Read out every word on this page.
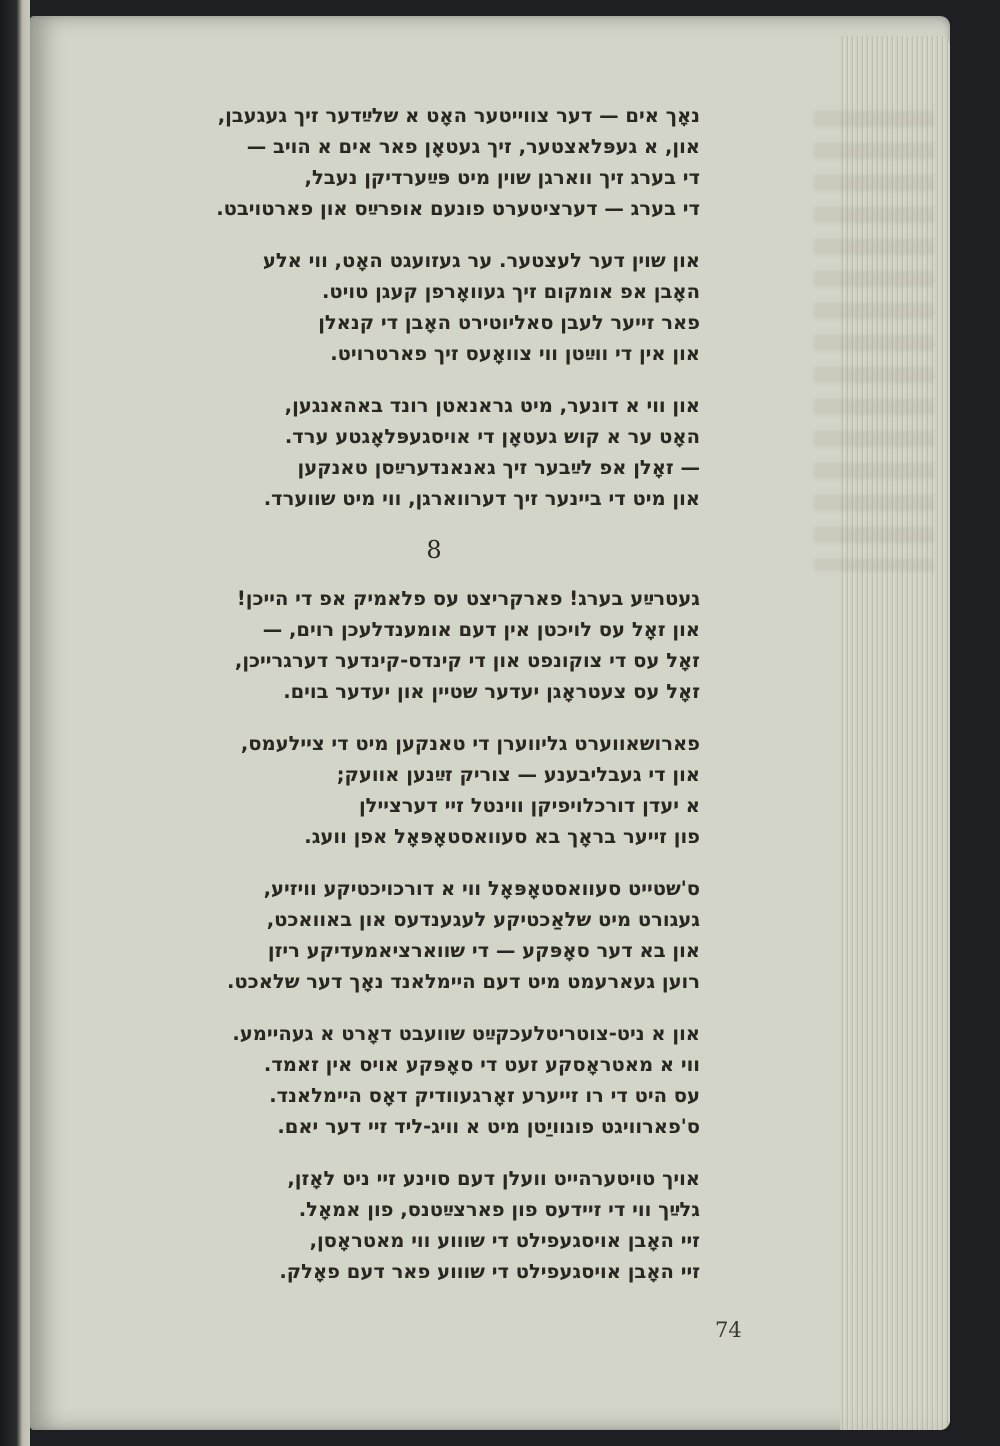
נאָך אים — דער צווייטער האָט א שלײַדער זיך געגעבן,
און, א געפּלאצטער, זיך געטאָן פאר אים א הויב —
די בערג זיך ווארגן שוין מיט פּײַערדיקן נעבל,
די בערג — דערציטערט פונעם אופרײַס און פארטויבט.
און שוין דער לעצטער. ער געזועגט האָט, ווי אלע
האָבן אפ אומקום זיך געוואָרפן קעגן טויט.
פאר זייער לעבן סאליוטירט האָבן די קנאלן
און אין די ווײַטן ווי צוואָעס זיך פארטרויט.
און ווי א דונער, מיט גראנאטן רונד באהאנגען,
האָט ער א קוש געטאָן די אויסגעפּלאָגטע ערד.
— זאָלן אפ לײַבער זיך גאנאנדערײַסן טאנקען
און מיט די ביינער זיך דערווארגן, ווי מיט שווערד.
8
געטרײַע בערג! פארקריצט עס פלאמיק אפ די הייכן!
און זאָל עס לויכטן אין דעם אומענדלעכן רוים, —
זאָל עס די צוקונפט און די קינדס-קינדער דערגרייכן,
זאָל עס צעטראָגן יעדער שטיין און יעדער בוים.
פארושאווערט גליווערן די טאנקען מיט די ציילעמס,
און די געבליבענע — צוריק זײַנען אוועק;
א יעדן דורכלויפיקן ווינטל זיי דערציילן
פון זייער בראָך בא סעוואסטאָפּאָל אפן וועג.
ס'שטייט סעוואסטאָפּאָל ווי א דורכויכטיקע וויזיע,
געגורט מיט שלאַכטיקע לעגענדעס און באוואכט,
און בא דער סאָפּקע — די שווארציאמעדיקע ריזן
רוען געארעמט מיט דעם היימלאנד נאָך דער שלאכט.
און א ניט-צוטריטלעכקײַט שוועבט דאָרט א געהיימע.
ווי א מאטראָסקע זעט די סאָפּקע אויס אין זאמד.
עס היט די רו זייערע זאָרגעוודיק דאָס היימלאנד.
ס'פארוויגט פונוויַטן מיט א וויג-ליד זיי דער יאם.
אויך טויטערהייט וועלן דעם סוינע זיי ניט לאָזן,
גלײַך ווי די זיידעס פון פארצײַטנס, פון אמאָל.
זיי האָבן אויסגעפילט די שוווע ווי מאטראָסן,
זיי האָבן אויסגעפילט די שוווע פאר דעם פאָלק.
74
